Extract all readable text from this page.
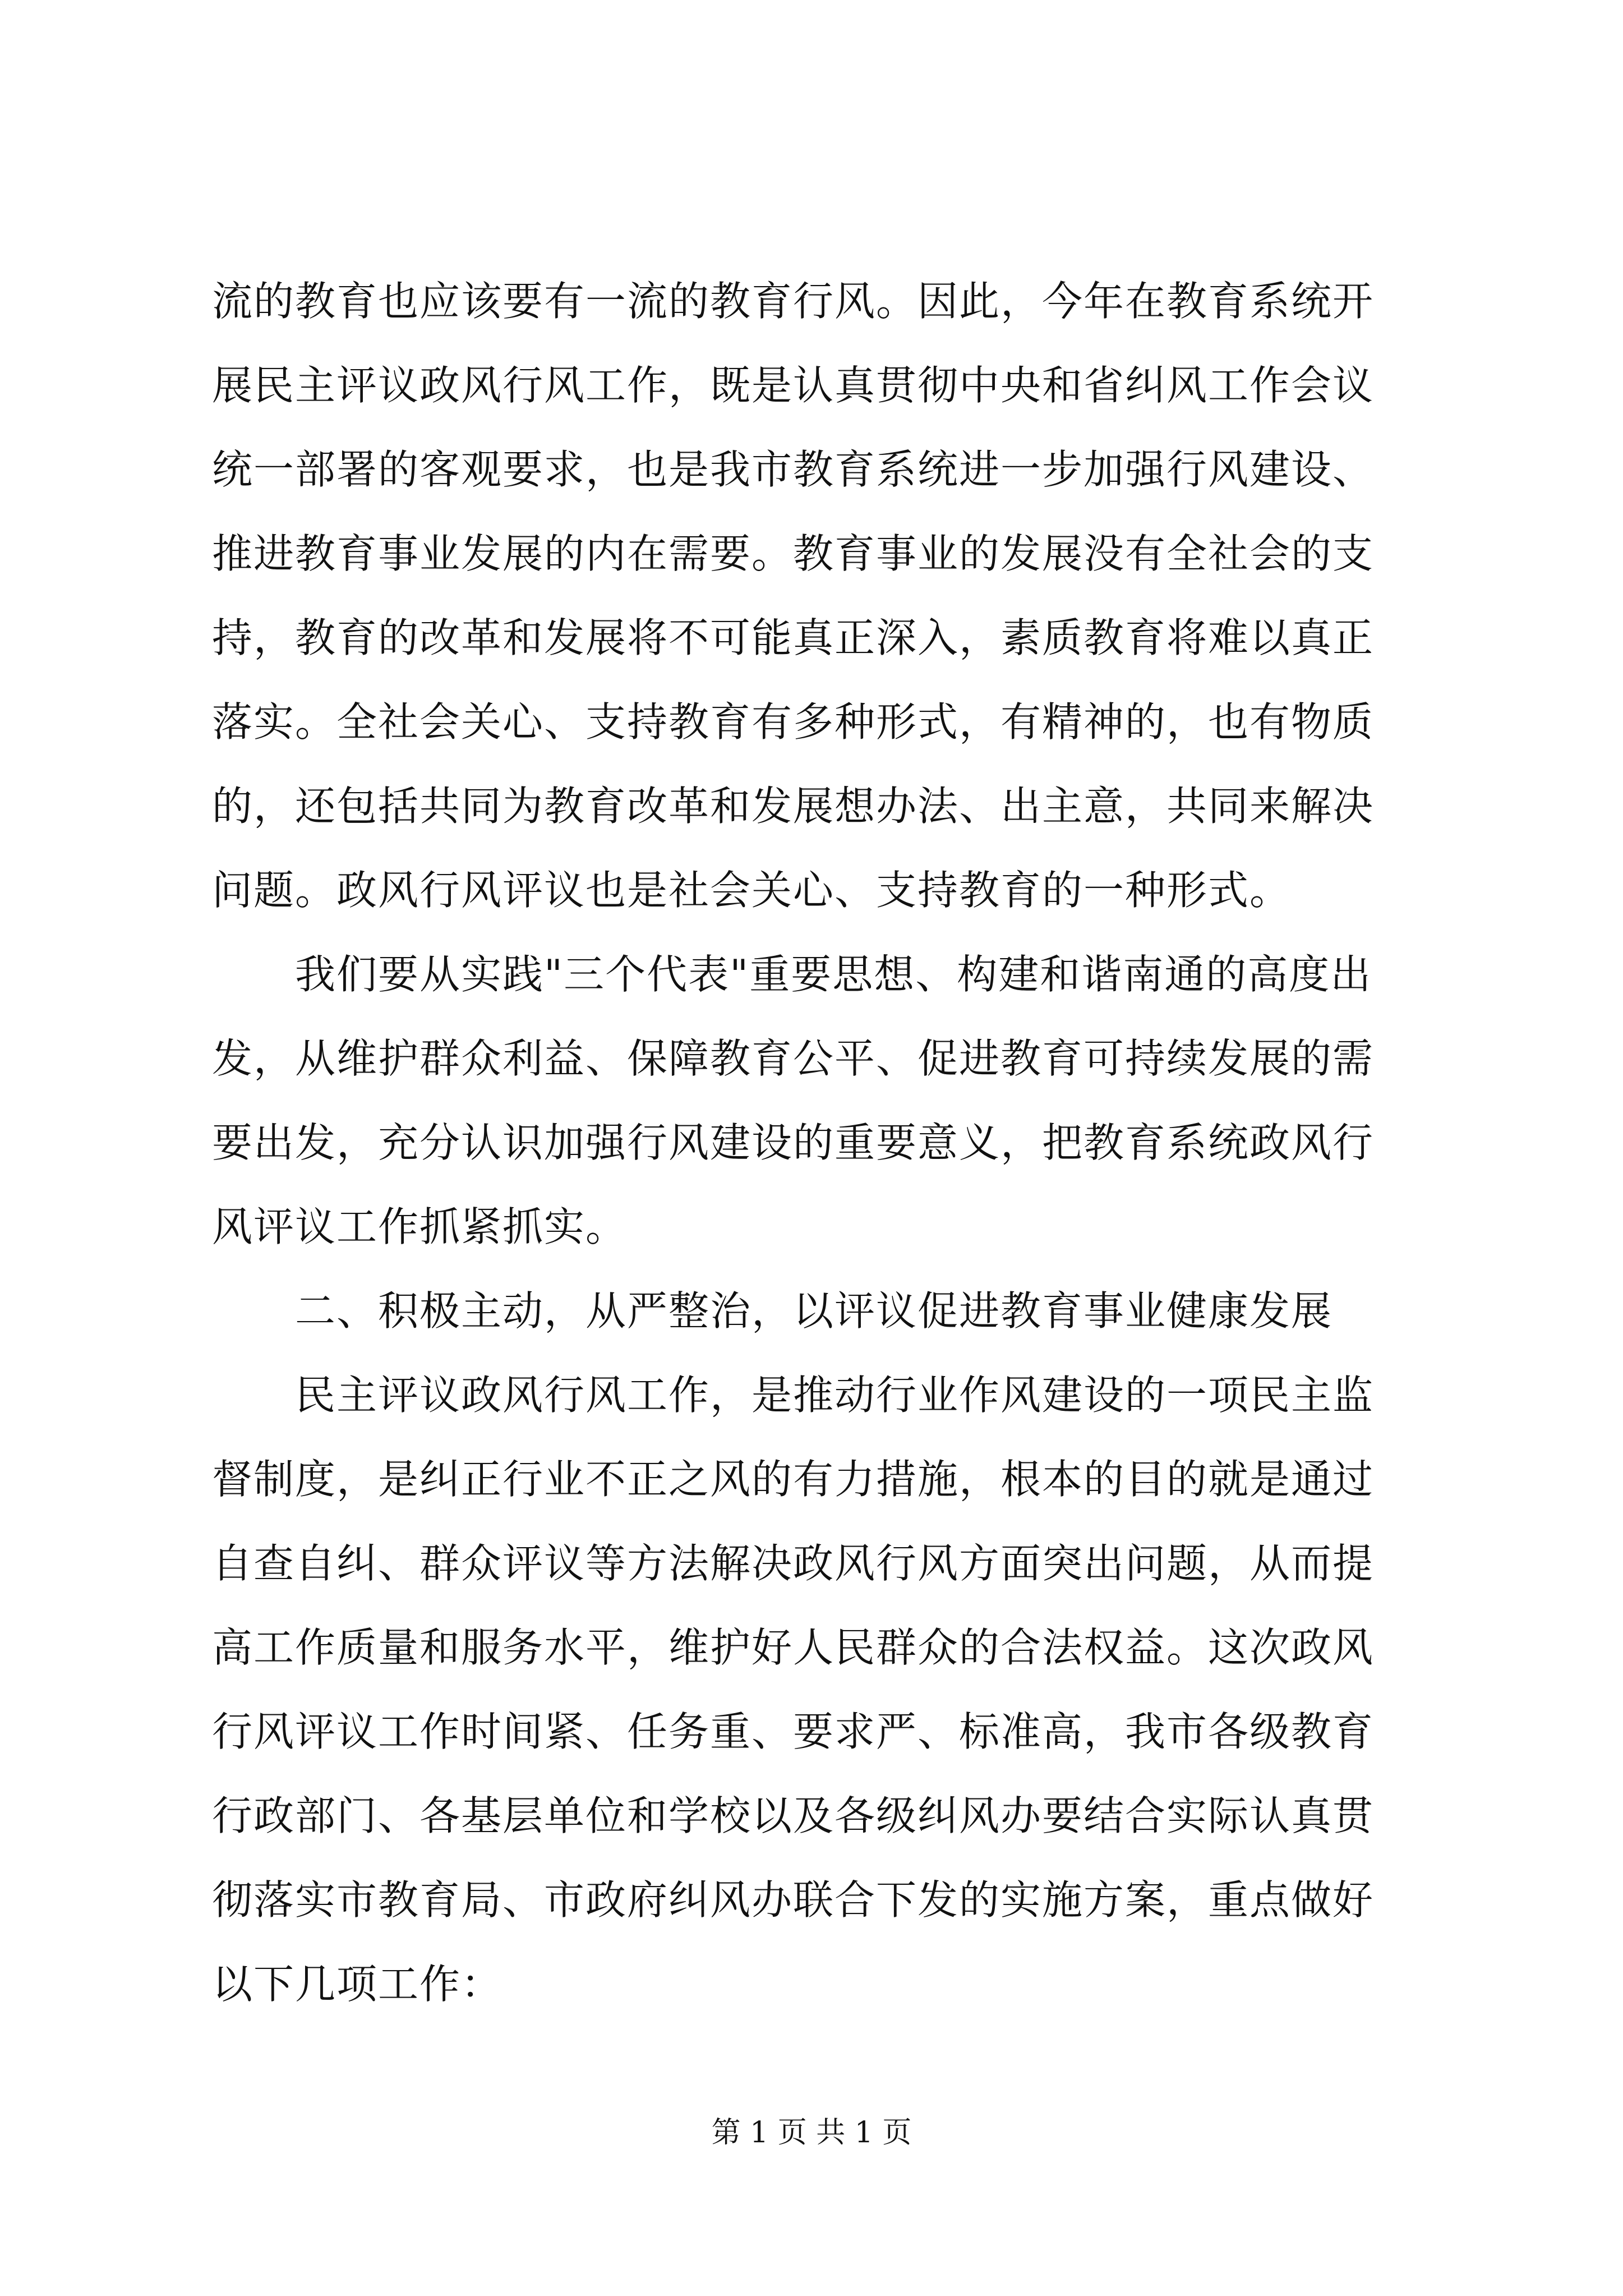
流的教育也应该要有一流的教育行风。因此，今年在教育系统开
展民主评议政风行风工作，既是认真贯彻中央和省纠风工作会议
统一部署的客观要求，也是我市教育系统进一步加强行风建设、
推进教育事业发展的内在需要。教育事业的发展没有全社会的支
持，教育的改革和发展将不可能真正深入，素质教育将难以真正
落实。全社会关心、支持教育有多种形式，有精神的，也有物质
的，还包括共同为教育改革和发展想办法、出主意，共同来解决
问题。政风行风评议也是社会关心、支持教育的一种形式。
　　我们要从实践"三个代表"重要思想、构建和谐南通的高度出
发，从维护群众利益、保障教育公平、促进教育可持续发展的需
要出发，充分认识加强行风建设的重要意义，把教育系统政风行
风评议工作抓紧抓实。
　　二、积极主动，从严整治，以评议促进教育事业健康发展
　　民主评议政风行风工作，是推动行业作风建设的一项民主监
督制度，是纠正行业不正之风的有力措施，根本的目的就是通过
自查自纠、群众评议等方法解决政风行风方面突出问题，从而提
高工作质量和服务水平，维护好人民群众的合法权益。这次政风
行风评议工作时间紧、任务重、要求严、标准高，我市各级教育
行政部门、各基层单位和学校以及各级纠风办要结合实际认真贯
彻落实市教育局、市政府纠风办联合下发的实施方案，重点做好
以下几项工作：
第 1 页 共 1 页
